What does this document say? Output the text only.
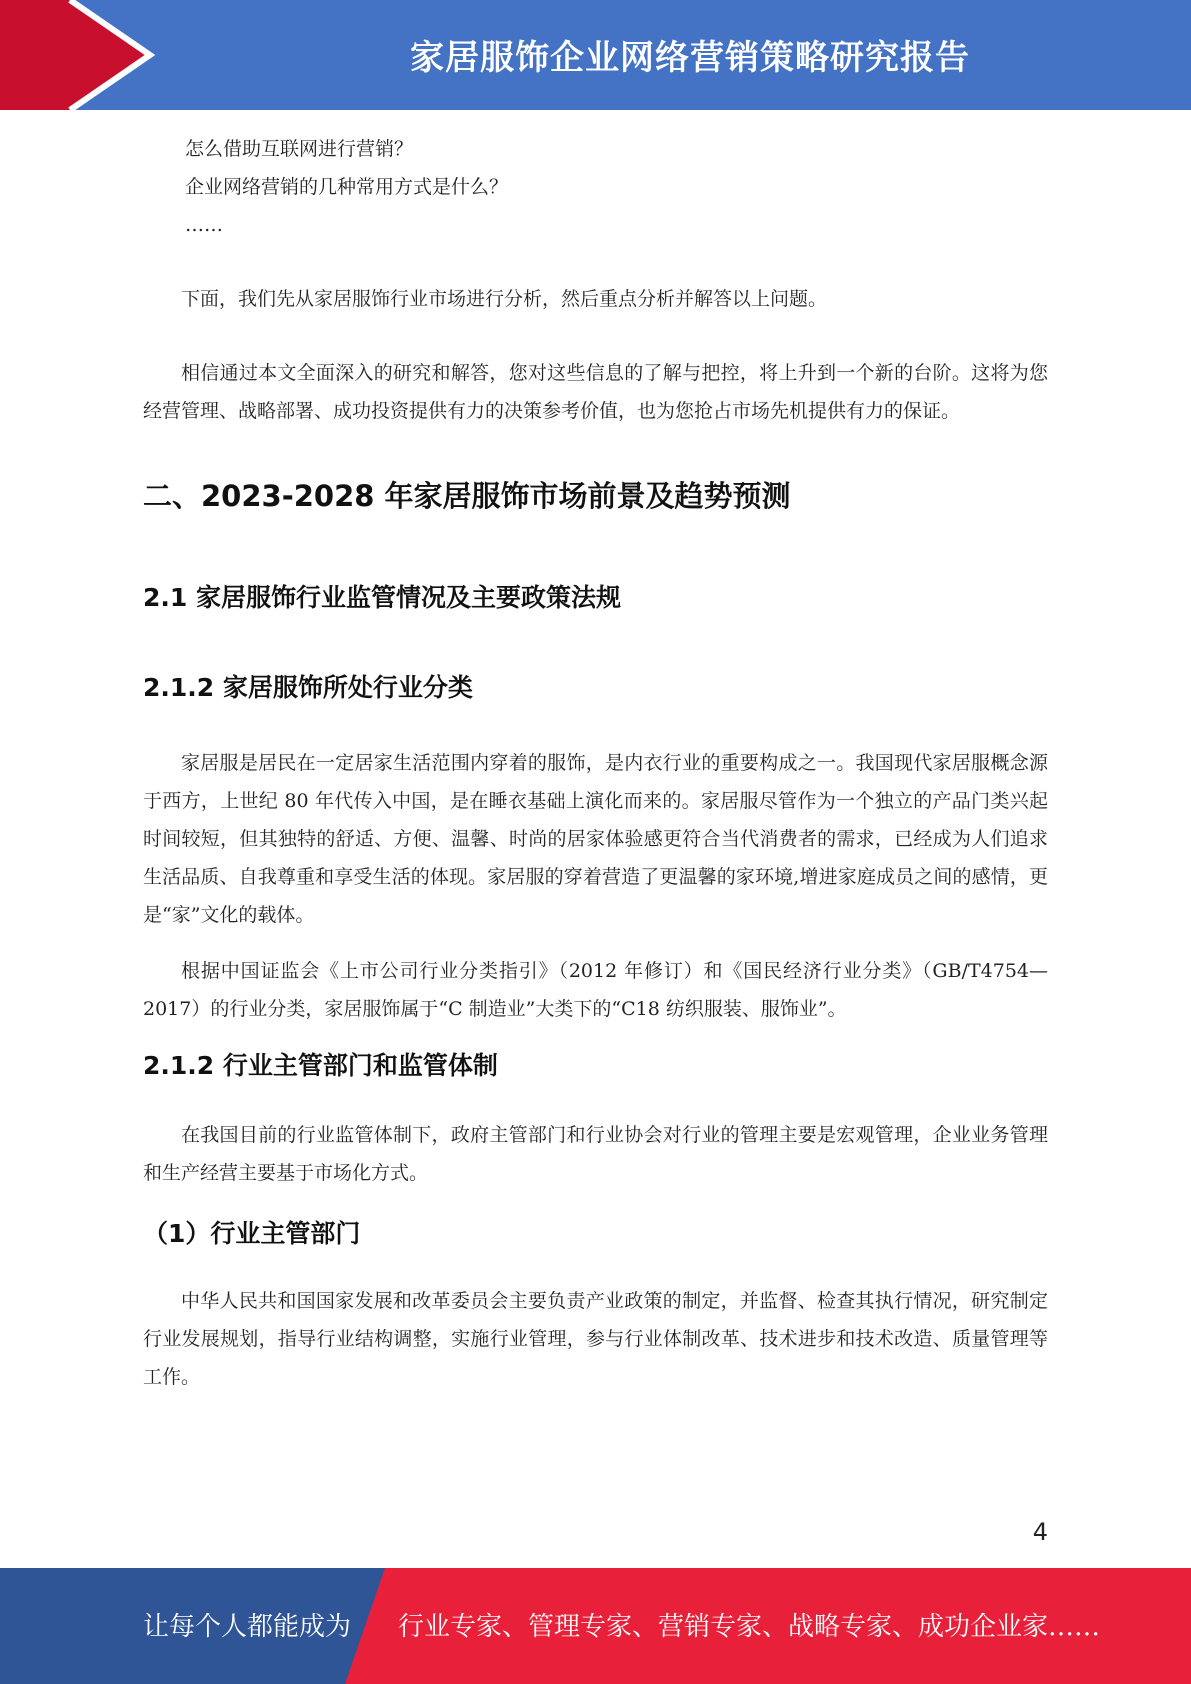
家居服饰企业网络营销策略研究报告
怎么借助互联网进行营销？
企业网络营销的几种常用方式是什么？
……

下面，我们先从家居服饰行业市场进行分析，然后重点分析并解答以上问题。

相信通过本文全面深入的研究和解答，您对这些信息的了解与把控，将上升到一个新的台阶。这将为您经营管理、战略部署、成功投资提供有力的决策参考价值，也为您抢占市场先机提供有力的保证。

二、2023-2028 年家居服饰市场前景及趋势预测
2.1 家居服饰行业监管情况及主要政策法规
2.1.2 家居服饰所处行业分类

家居服是居民在一定居家生活范围内穿着的服饰，是内衣行业的重要构成之一。我国现代家居服概念源于西方，上世纪 80 年代传入中国，是在睡衣基础上演化而来的。家居服尽管作为一个独立的产品门类兴起时间较短，但其独特的舒适、方便、温馨、时尚的居家体验感更符合当代消费者的需求，已经成为人们追求生活品质、自我尊重和享受生活的体现。家居服的穿着营造了更温馨的家环境,增进家庭成员之间的感情，更是“家”文化的载体。

根据中国证监会《上市公司行业分类指引》（2012 年修订）和《国民经济行业分类》（GB/T4754—2017）的行业分类，家居服饰属于“C 制造业”大类下的“C18 纺织服装、服饰业”。

2.1.2 行业主管部门和监管体制

在我国目前的行业监管体制下，政府主管部门和行业协会对行业的管理主要是宏观管理，企业业务管理和生产经营主要基于市场化方式。

（1）行业主管部门

中华人民共和国国家发展和改革委员会主要负责产业政策的制定，并监督、检查其执行情况，研究制定行业发展规划，指导行业结构调整，实施行业管理，参与行业体制改革、技术进步和技术改造、质量管理等工作。

4
让每个人都能成为 行业专家、管理专家、营销专家、战略专家、成功企业家……
